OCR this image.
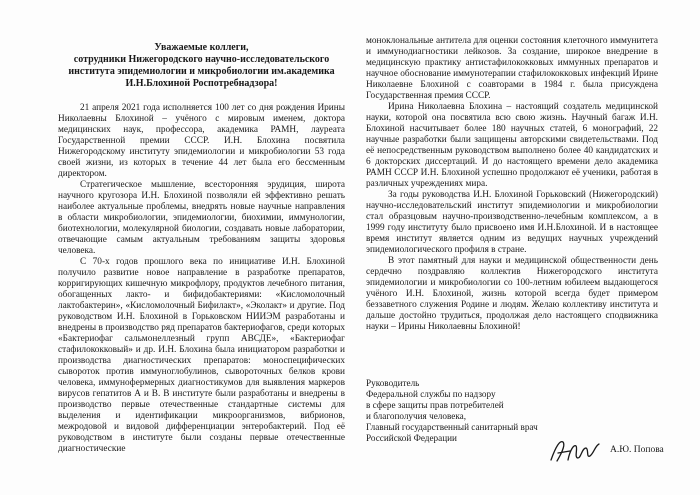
Уважаемые коллеги,
сотрудники Нижегородского научно-исследовательского
института эпидемиологии и микробиологии им.академика
И.Н.Блохиной Роспотребнадзора!

21 апреля 2021 года исполняется 100 лет со дня рождения Ирины Николаевны Блохиной – учёного с мировым именем, доктора медицинских наук, профессора, академика РАМН, лауреата Государственной премии СССР. И.Н. Блохина посвятила Нижегородскому институту эпидемиологии и микробиологии 53 года своей жизни, из которых в течение 44 лет была его бессменным директором.

Стратегическое мышление, всесторонняя эрудиция, широта научного кругозора И.Н. Блохиной позволяли ей эффективно решать наиболее актуальные проблемы, внедрять новые научные направления в области микробиологии, эпидемиологии, биохимии, иммунологии, биотехнологии, молекулярной биологии, создавать новые лаборатории, отвечающие самым актуальным требованиям защиты здоровья человека.

С 70-х годов прошлого века по инициативе И.Н. Блохиной получило развитие новое направление в разработке препаратов, корригирующих кишечную микрофлору, продуктов лечебного питания, обогащенных лакто- и бифидобактериями: «Кисломолочный лактобактерин», «Кисломолочный Бифилакт», «Эколакт» и другие. Под руководством И.Н. Блохиной в Горьковском НИИЭМ разработаны и внедрены в производство ряд препаратов бактериофагов, среди которых «Бактериофаг сальмонеллезный групп АВСДЕ», «Бактериофаг стафилококковый» и др. И.Н. Блохина была инициатором разработки и производства диагностических препаратов: моноспецифических сывороток против иммуноглобулинов, сывороточных белков крови человека, иммунофермерных диагностикумов для выявления маркеров вирусов гепатитов А и В. В институте были разработаны и внедрены в производство первые отечественные стандартные системы для выделения и идентификации микроорганизмов, вибрионов, межродовой и видовой дифференциации энтеробактерий. Под её руководством в институте были созданы первые отечественные диагностические

моноклональные антитела для оценки состояния клеточного иммунитета и иммунодиагностики лейкозов. За создание, широкое внедрение в медицинскую практику антистафилококковых иммунных препаратов и научное обоснование иммунотерапии стафилококковых инфекций Ирине Николаевне Блохиной с соавторами в 1984 г. была присуждена Государственная премия СССР.

Ирина Николаевна Блохина – настоящий создатель медицинской науки, которой она посвятила всю свою жизнь. Научный багаж И.Н. Блохиной насчитывает более 180 научных статей, 6 монографий, 22 научные разработки были защищены авторскими свидетельствами. Под её непосредственным руководством выполнено более 40 кандидатских и 6 докторских диссертаций. И до настоящего времени дело академика РАМН СССР И.Н. Блохиной успешно продолжают её ученики, работая в различных учреждениях мира.

За годы руководства И.Н. Блохиной Горьковский (Нижегородский) научно-исследовательский институт эпидемиологии и микробиологии стал образцовым научно-производственно-лечебным комплексом, а в 1999 году институту было присвоено имя И.Н.Блохиной. И в настоящее время институт является одним из ведущих научных учреждений эпидемиологического профиля в стране.

В этот памятный для науки и медицинской общественности день сердечно поздравляю коллектив Нижегородского института эпидемиологии и микробиологии со 100-летним юбилеем выдающегося учёного И.Н. Блохиной, жизнь которой всегда будет примером беззаветного служения Родине и людям. Желаю коллективу института и дальше достойно трудиться, продолжая дело настоящего сподвижника науки – Ирины Николаевны Блохиной!

Руководитель
Федеральной службы по надзору
в сфере защиты прав потребителей
и благополучия человека,
Главный государственный санитарный врач
Российской Федерации
А.Ю. Попова
